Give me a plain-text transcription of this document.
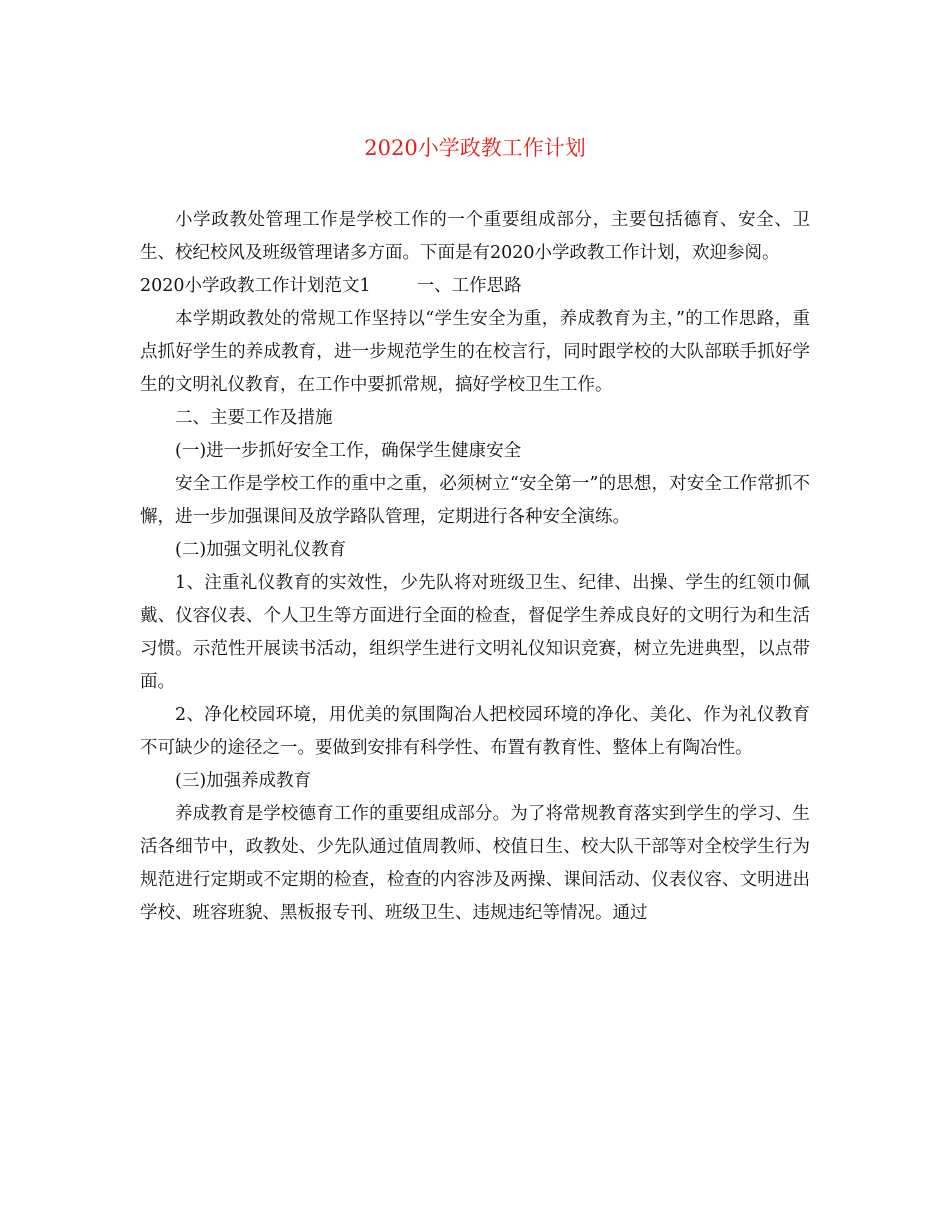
2020小学政教工作计划

小学政教处管理工作是学校工作的一个重要组成部分，主要包括德育、安全、卫生、校纪校风及班级管理诸多方面。下面是有2020小学政教工作计划，欢迎参阅。

2020小学政教工作计划范文1	一、工作思路

本学期政教处的常规工作坚持以“学生安全为重，养成教育为主，”的工作思路，重点抓好学生的养成教育，进一步规范学生的在校言行，同时跟学校的大队部联手抓好学生的文明礼仪教育，在工作中要抓常规，搞好学校卫生工作。

二、主要工作及措施

(一)进一步抓好安全工作，确保学生健康安全

安全工作是学校工作的重中之重，必须树立“安全第一”的思想，对安全工作常抓不懈，进一步加强课间及放学路队管理，定期进行各种安全演练。

(二)加强文明礼仪教育

1、注重礼仪教育的实效性，少先队将对班级卫生、纪律、出操、学生的红领巾佩戴、仪容仪表、个人卫生等方面进行全面的检查，督促学生养成良好的文明行为和生活习惯。示范性开展读书活动，组织学生进行文明礼仪知识竞赛，树立先进典型，以点带面。

2、净化校园环境，用优美的氛围陶冶人把校园环境的净化、美化、作为礼仪教育不可缺少的途径之一。要做到安排有科学性、布置有教育性、整体上有陶冶性。

(三)加强养成教育

养成教育是学校德育工作的重要组成部分。为了将常规教育落实到学生的学习、生活各细节中，政教处、少先队通过值周教师、校值日生、校大队干部等对全校学生行为规范进行定期或不定期的检查，检查的内容涉及两操、课间活动、仪表仪容、文明进出学校、班容班貌、黑板报专刊、班级卫生、违规违纪等情况。通过
